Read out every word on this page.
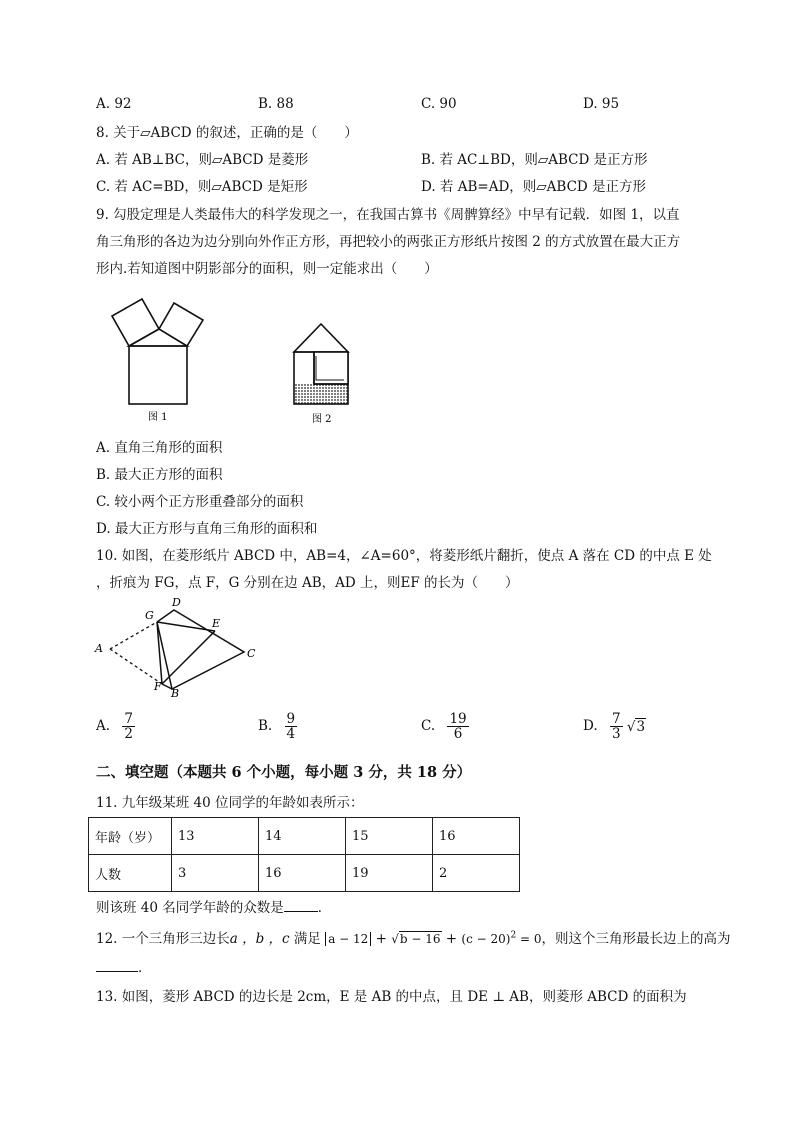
A. 92	B. 88	C. 90	D. 95
8. 关于▱ABCD 的叙述，正确的是（　　）
A. 若 AB⊥BC，则▱ABCD 是菱形	B. 若 AC⊥BD，则▱ABCD 是正方形
C. 若 AC=BD，则▱ABCD 是矩形	D. 若 AB=AD，则▱ABCD 是正方形
9. 勾股定理是人类最伟大的科学发现之一，在我国古算书《周髀算经》中早有记载．如图 1，以直
角三角形的各边为边分别向外作正方形，再把较小的两张正方形纸片按图 2 的方式放置在最大正方
形内.若知道图中阴影部分的面积，则一定能求出（　　）
图 1	图 2
A. 直角三角形的面积
B. 最大正方形的面积
C. 较小两个正方形重叠部分的面积
D. 最大正方形与直角三角形的面积和
10. 如图，在菱形纸片 ABCD 中，AB=4，∠A=60°，将菱形纸片翻折，使点 A 落在 CD 的中点 E 处
，折痕为 FG，点 F，G 分别在边 AB，AD 上，则EF 的长为（　　）
A
B
C
D
E
F
G
A. $\frac{7}{2}$	B. $\frac{9}{4}$	C. $\frac{19}{6}$	D. $\frac{7}{3} √3$
二、填空题（本题共 6 个小题，每小题 3 分，共 18 分）
11. 九年级某班 40 位同学的年龄如表所示：
年龄（岁）	13	14	15	16
人数	3	16	19	2
则该班 40 名同学年龄的众数是	．
12. 一个三角形三边长a ，b ，c 满足 $a - 12 + √b - 16 + (c - 20)^2 = 0$，则这个三角形最长边上的高为
．
13. 如图，菱形 ABCD 的边长是 2cm，E 是 AB 的中点，且 DE ⊥ AB，则菱形 ABCD 的面积为
